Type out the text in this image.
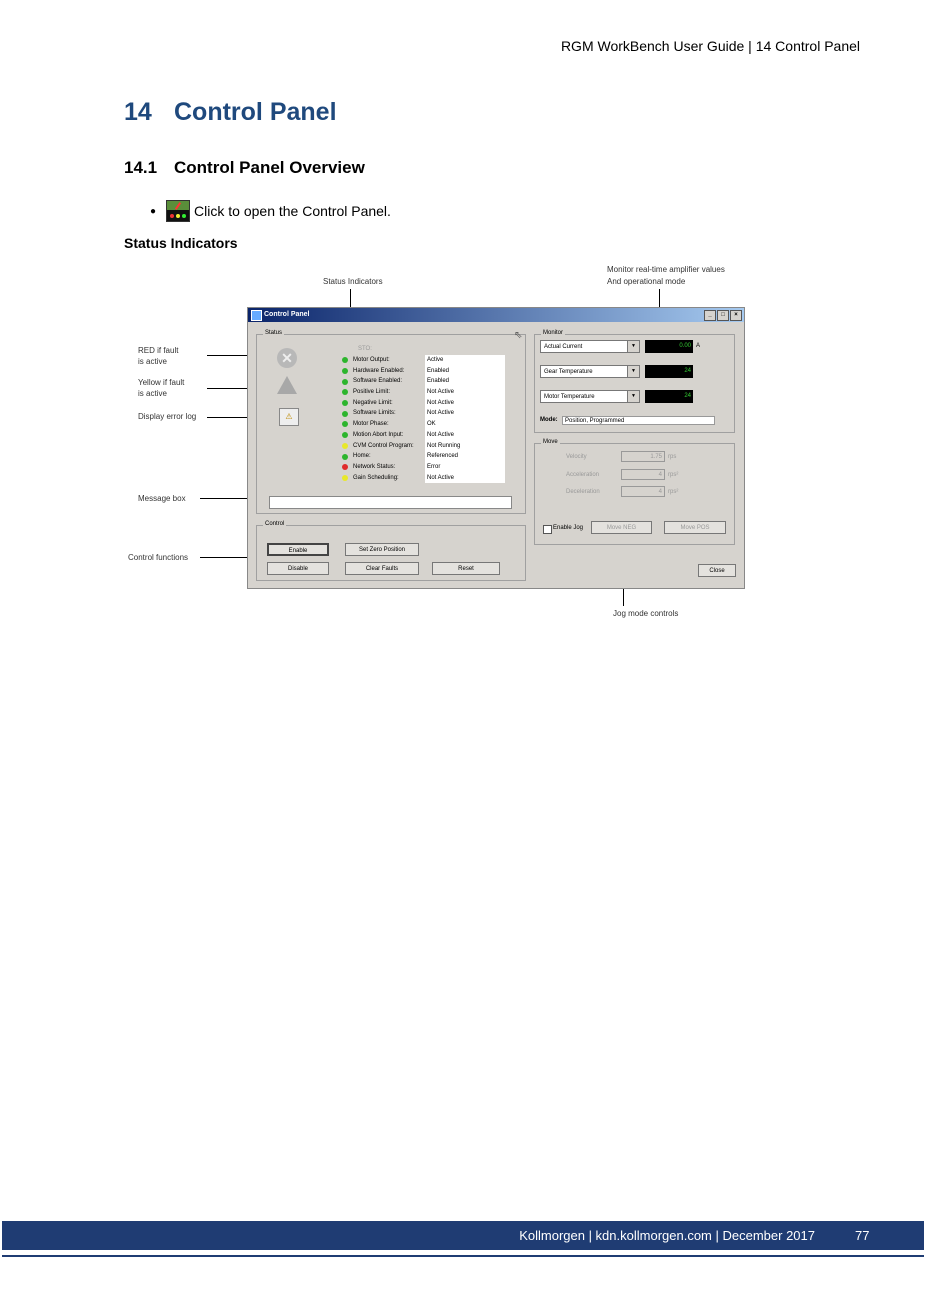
RGM WorkBench User Guide | 14 Control Panel
14 Control Panel
14.1 Control Panel Overview
●	Click to open the Control Panel.
Status Indicators
Status Indicators
Monitor real-time amplifier values
And operational mode
RED if fault
is active
Yellow if fault
is active
Display error log
Message box
Control functions
Jog mode controls
Control Panel	_	□	×
Status
✕
⚠
STO:
Motor Output:	Active
Hardware Enabled:	Enabled
Software Enabled:	Enabled
Positive Limit:	Not Active
Negative Limit:	Not Active
Software Limits:	Not Active
Motor Phase:	OK
Motion Abort Input:	Not Active
CVM Control Program:	Not Running
Home:	Referenced
Network Status:	Error
Gain Scheduling:	Not Active
⇖
Control
Enable	Set Zero Position
Disable	Clear Faults	Reset
Monitor
Actual Current ▼	0.00 A
Gear Temperature ▼	24
Motor Temperature ▼	24
Mode:	Position, Programmed
Move
Velocity	1.75	rps
Acceleration	4	rps²
Deceleration	4	rps²
Enable Jog	Move NEG	Move POS
Close
Kollmorgen | kdn.kollmorgen.com | December 2017	77
